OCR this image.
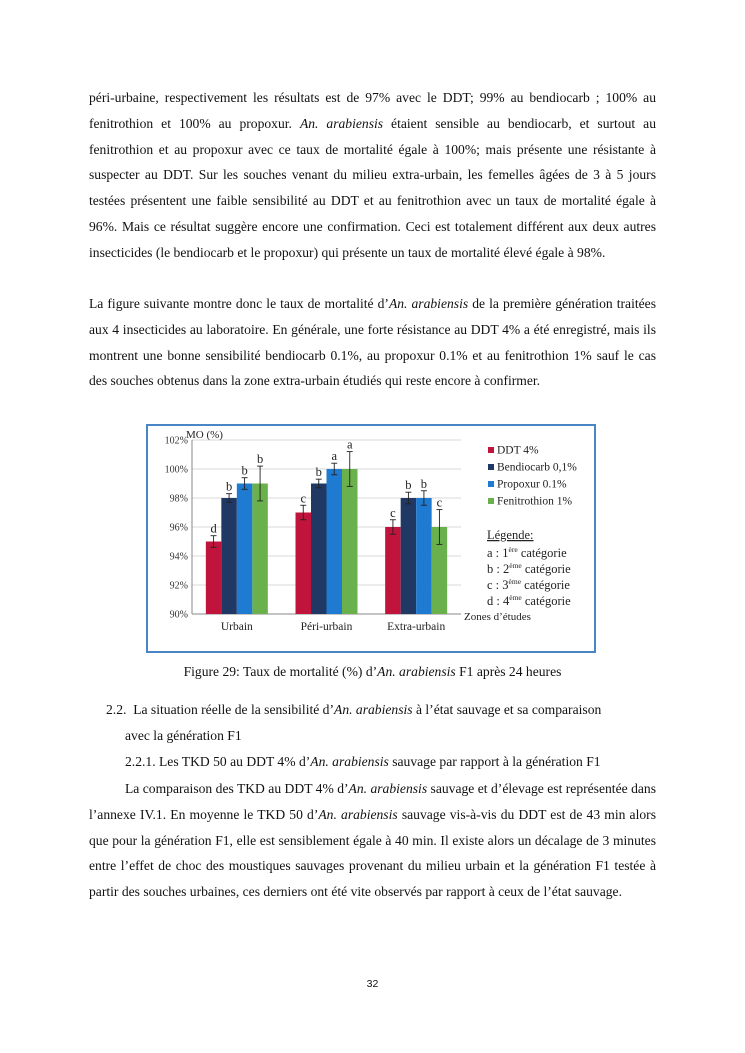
péri-urbaine, respectivement les résultats est de 97% avec le DDT; 99% au bendiocarb ; 100% au fenitrothion et 100% au propoxur. An. arabiensis étaient sensible au bendiocarb, et surtout au fenitrothion et au propoxur avec ce taux de mortalité égale à 100%; mais présente une résistante à suspecter au DDT. Sur les souches venant du milieu extra-urbain, les femelles âgées de 3 à 5 jours testées présentent une faible sensibilité au DDT et au fenitrothion avec un taux de mortalité égale à 96%. Mais ce résultat suggère encore une confirmation. Ceci est totalement différent aux deux autres insecticides (le bendiocarb et le propoxur) qui présente un taux de mortalité élevé égale à 98%.

La figure suivante montre donc le taux de mortalité d’An. arabiensis de la première génération traitées aux 4 insecticides au laboratoire. En générale, une forte résistance au DDT 4% a été enregistré, mais ils montrent une bonne sensibilité bendiocarb 0.1%, au propoxur 0.1% et au fenitrothion 1% sauf le cas des souches obtenus dans la zone extra-urbain étudiés qui reste encore à confirmer.

90%
92%
94%
96%
98%
100%
102%
MO (%)
d
b
b
b
Urbain
c
b
a
a
Péri-urbain
c
b b
c
Extra-urbain
Zones d’études
DDT 4%
Bendiocarb 0,1%
Propoxur 0.1%
Fenitrothion 1%
Légende:
a : 1ère catégorie
b : 2ème catégorie
c : 3ème catégorie
d : 4ème catégorie
Figure 29: Taux de mortalité (%) d’An. arabiensis F1 après 24 heures
2.2. La situation réelle de la sensibilité d’An. arabiensis à l’état sauvage et sa comparaison
avec la génération F1
2.2.1. Les TKD 50 au DDT 4% d’An. arabiensis sauvage par rapport à la génération F1

La comparaison des TKD au DDT 4% d’An. arabiensis sauvage et d’élevage est représentée dans l’annexe IV.1. En moyenne le TKD 50 d’An. arabiensis sauvage vis-à-vis du DDT est de 43 min alors que pour la génération F1, elle est sensiblement égale à 40 min. Il existe alors un décalage de 3 minutes entre l’effet de choc des moustiques sauvages provenant du milieu urbain et la génération F1 testée à partir des souches urbaines, ces derniers ont été vite observés par rapport à ceux de l’état sauvage.

32
